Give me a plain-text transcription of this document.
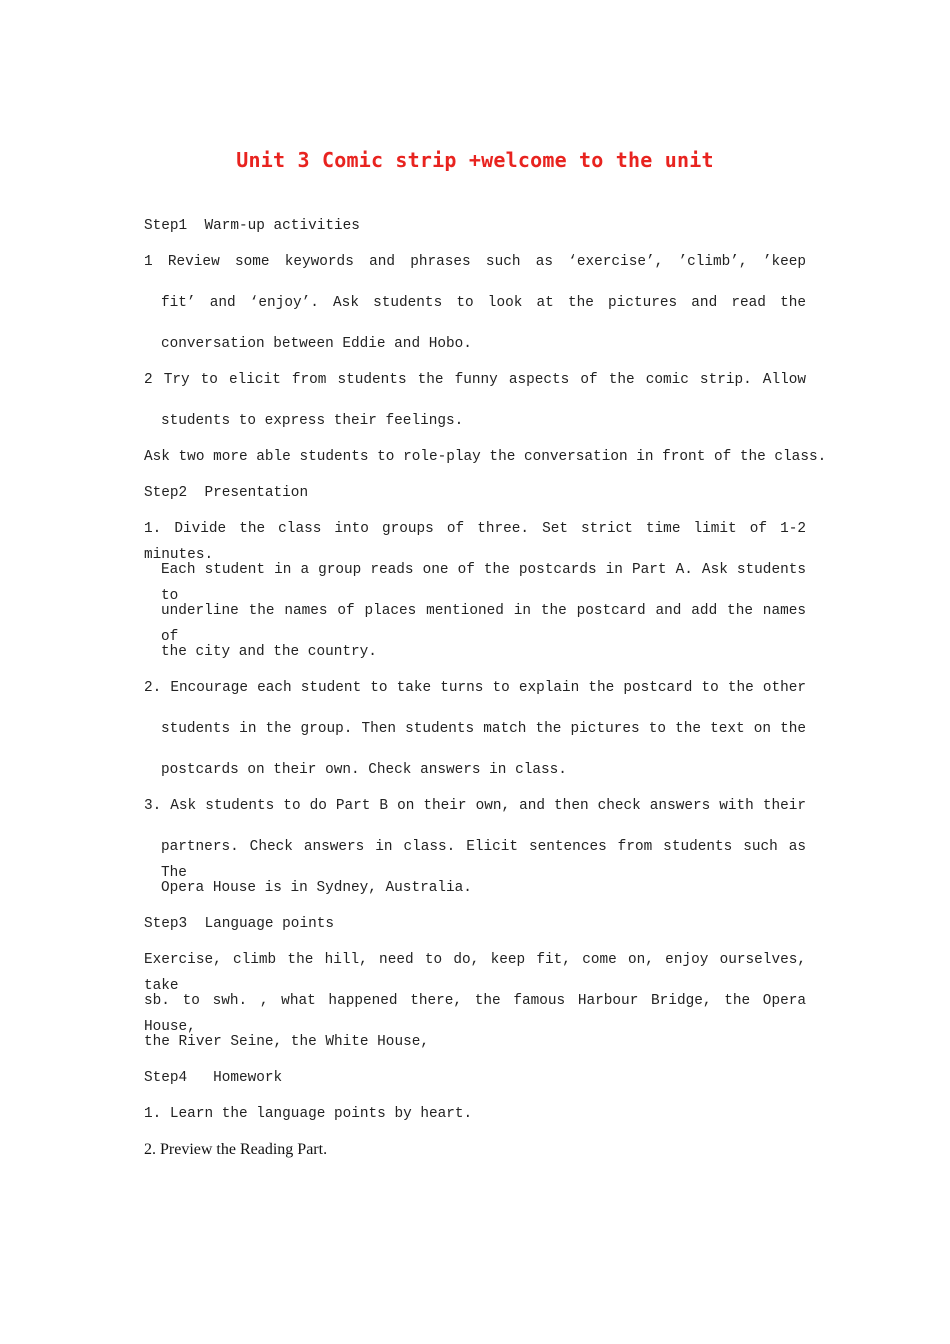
Unit 3 Comic strip +welcome to the unit
Step1  Warm-up activities
1 Review some keywords and phrases such as ‘exercise’, ’climb’, ’keep
fit’ and ‘enjoy’. Ask students to look at the pictures and read the
conversation between Eddie and Hobo.
2 Try to elicit from students the funny aspects of the comic strip. Allow
students to express their feelings.
Ask two more able students to role-play the conversation in front of the class.
Step2  Presentation
1. Divide the class into groups of three. Set strict time limit of 1-2 minutes.
Each student in a group reads one of the postcards in Part A. Ask students to
underline the names of places mentioned in the postcard and add the names of
the city and the country.
2. Encourage each student to take turns to explain the postcard to the other
students in the group. Then students match the pictures to the text on the
postcards on their own. Check answers in class.
3. Ask students to do Part B on their own, and then check answers with their
partners. Check answers in class. Elicit sentences from students such as The
Opera House is in Sydney, Australia.
Step3  Language points
Exercise, climb the hill, need to do, keep fit, come on, enjoy ourselves, take
sb. to swh. , what happened there, the famous Harbour Bridge, the Opera House,
the River Seine, the White House,
Step4   Homework
1. Learn the language points by heart.
2. Preview the Reading Part.
